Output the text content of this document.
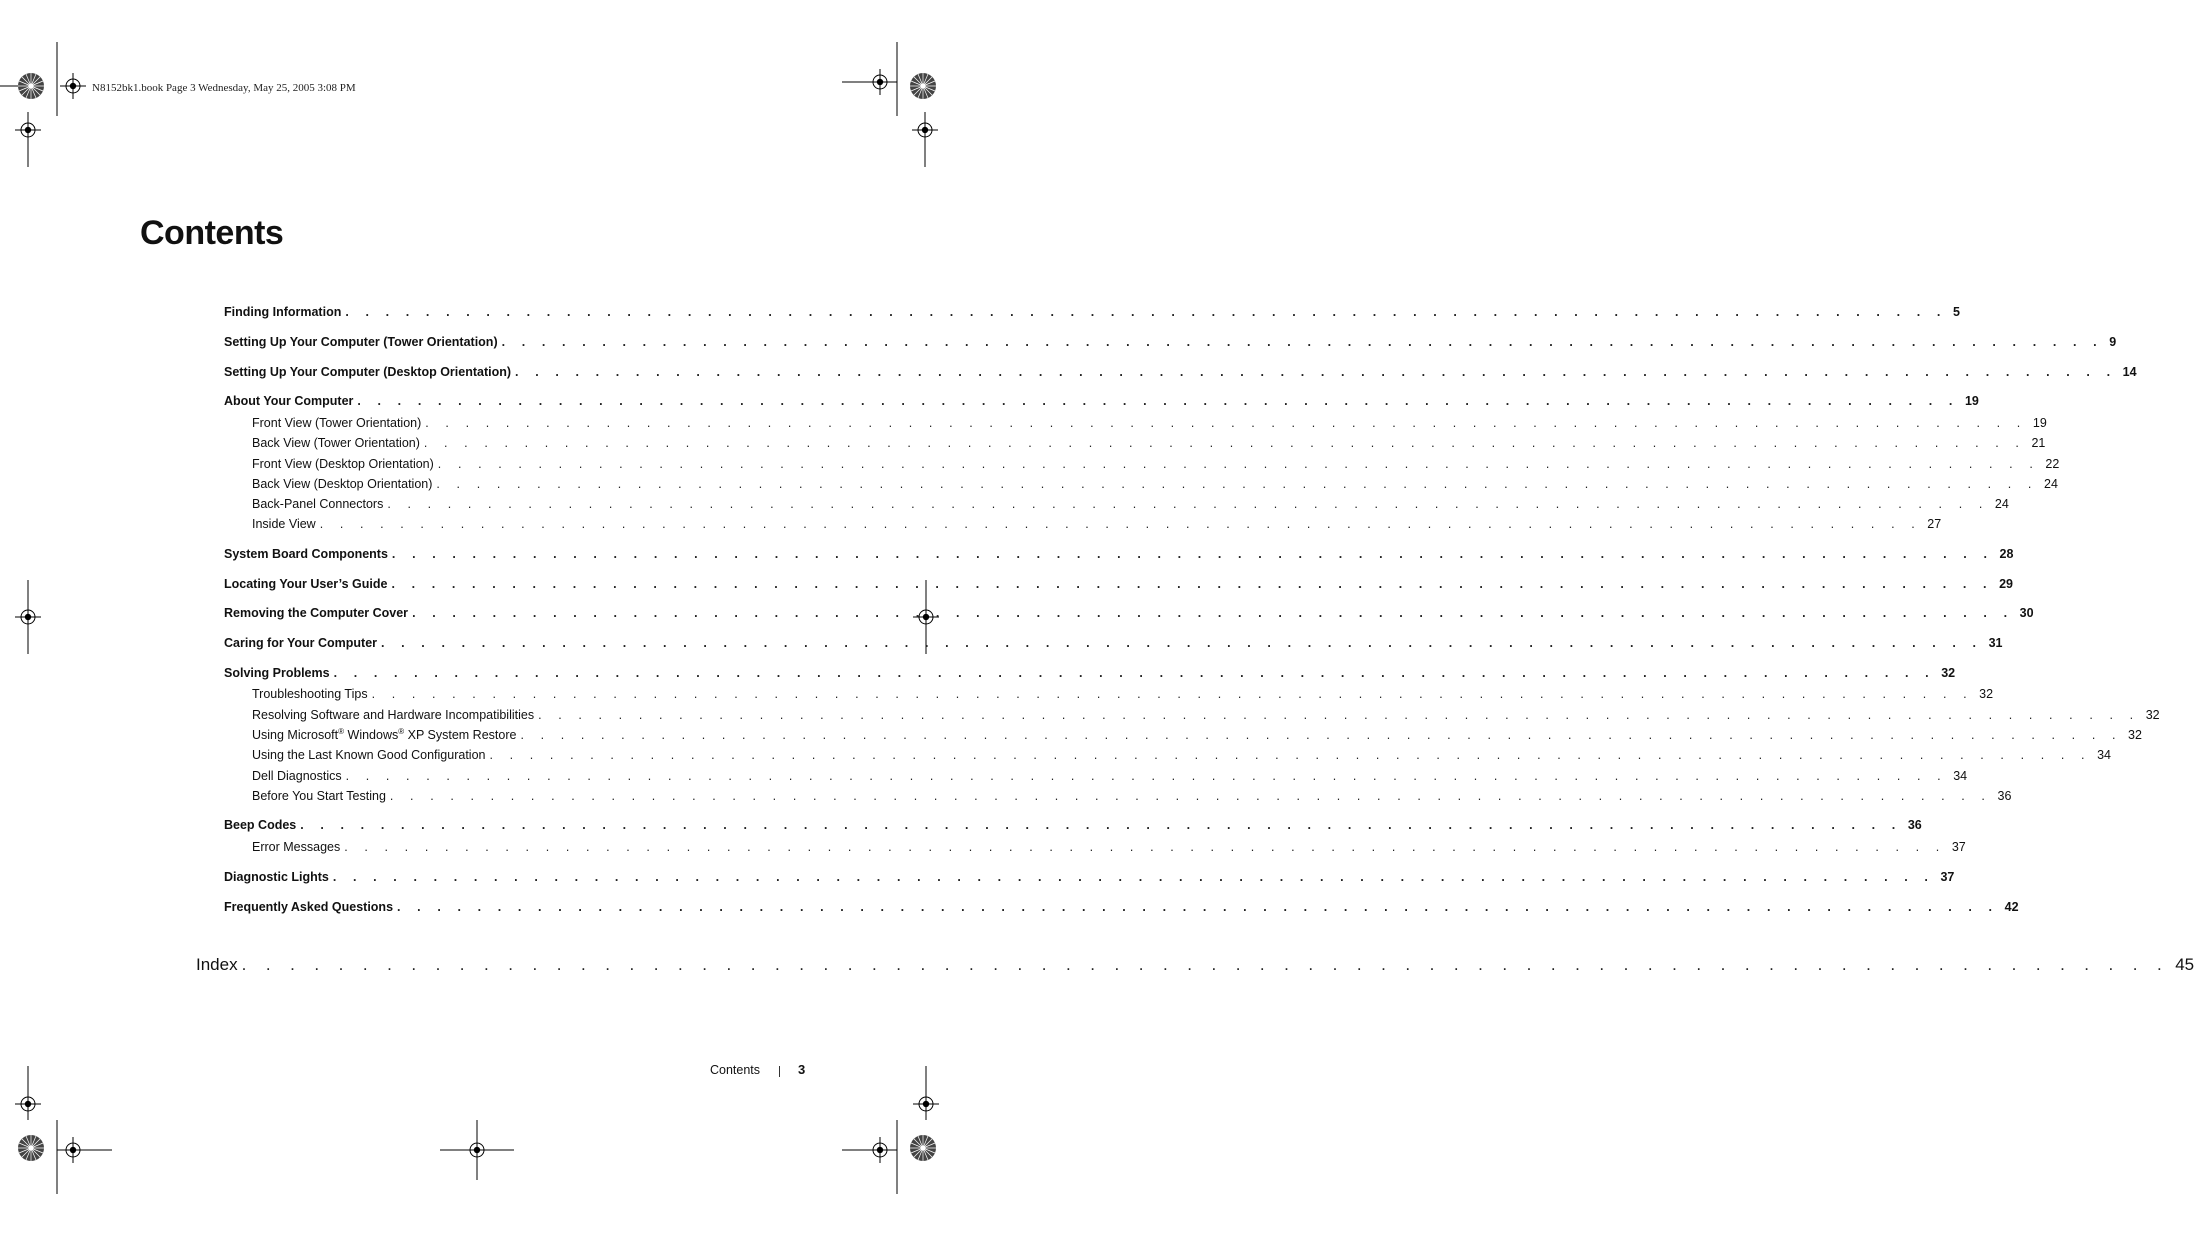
N8152bk1.book Page 3 Wednesday, May 25, 2005 3:08 PM
Contents
Finding Information . . . . . . . . . . . . . . . . . . . . . . . . . . . . . . . . . . . . . . . . . . . . . . . . . . . . . . . . . . . . . . . . . . . . . . . . . . . . . . . . 5
Setting Up Your Computer (Tower Orientation) . . . . . . . . . . . . . . . . . . . . . . . . . . . . . . . . . . . . . . . . . . . . . . . . . . . . . . . . . . . . . . . . . . . . . . . . . . . . . . . . 9
Setting Up Your Computer (Desktop Orientation) . . . . . . . . . . . . . . . . . . . . . . . . . . . . . . . . . . . . . . . . . . . . . . . . . . . . . . . . . . . . . . . . . . . . . . . . . . . . . . . . 14
About Your Computer . . . . . . . . . . . . . . . . . . . . . . . . . . . . . . . . . . . . . . . . . . . . . . . . . . . . . . . . . . . . . . . . . . . . . . . . . . . . . . . . 19
Front View (Tower Orientation) . . . . . . . . . . . . . . . . . . . . . . . . . . . . . . . . . . . . . . . . . . . . . . . . . . . . . . . . . . . . . . . . . . . . . . . . . . . . . . . . 19
Back View (Tower Orientation) . . . . . . . . . . . . . . . . . . . . . . . . . . . . . . . . . . . . . . . . . . . . . . . . . . . . . . . . . . . . . . . . . . . . . . . . . . . . . . . . 21
Front View (Desktop Orientation) . . . . . . . . . . . . . . . . . . . . . . . . . . . . . . . . . . . . . . . . . . . . . . . . . . . . . . . . . . . . . . . . . . . . . . . . . . . . . . . . 22
Back View (Desktop Orientation) . . . . . . . . . . . . . . . . . . . . . . . . . . . . . . . . . . . . . . . . . . . . . . . . . . . . . . . . . . . . . . . . . . . . . . . . . . . . . . . . 24
Back-Panel Connectors . . . . . . . . . . . . . . . . . . . . . . . . . . . . . . . . . . . . . . . . . . . . . . . . . . . . . . . . . . . . . . . . . . . . . . . . . . . . . . . . 24
Inside View . . . . . . . . . . . . . . . . . . . . . . . . . . . . . . . . . . . . . . . . . . . . . . . . . . . . . . . . . . . . . . . . . . . . . . . . . . . . . . . . 27
System Board Components . . . . . . . . . . . . . . . . . . . . . . . . . . . . . . . . . . . . . . . . . . . . . . . . . . . . . . . . . . . . . . . . . . . . . . . . . . . . . . . . 28
Locating Your User’s Guide . . . . . . . . . . . . . . . . . . . . . . . . . . . . . . . . . . . . . . . . . . . . . . . . . . . . . . . . . . . . . . . . . . . . . . . . . . . . . . . . 29
Removing the Computer Cover . . . . . . . . . . . . . . . . . . . . . . . . . . . . . . . . . . . . . . . . . . . . . . . . . . . . . . . . . . . . . . . . . . . . . . . . . . . . . . . . 30
Caring for Your Computer . . . . . . . . . . . . . . . . . . . . . . . . . . . . . . . . . . . . . . . . . . . . . . . . . . . . . . . . . . . . . . . . . . . . . . . . . . . . . . . . 31
Solving Problems . . . . . . . . . . . . . . . . . . . . . . . . . . . . . . . . . . . . . . . . . . . . . . . . . . . . . . . . . . . . . . . . . . . . . . . . . . . . . . . . 32
Troubleshooting Tips . . . . . . . . . . . . . . . . . . . . . . . . . . . . . . . . . . . . . . . . . . . . . . . . . . . . . . . . . . . . . . . . . . . . . . . . . . . . . . . . 32
Resolving Software and Hardware Incompatibilities . . . . . . . . . . . . . . . . . . . . . . . . . . . . . . . . . . . . . . . . . . . . . . . . . . . . . . . . . . . . . . . . . . . . . . . . . . . . . . . . 32
Using Microsoft® Windows® XP System Restore . . . . . . . . . . . . . . . . . . . . . . . . . . . . . . . . . . . . . . . . . . . . . . . . . . . . . . . . . . . . . . . . . . . . . . . . . . . . . . . . 32
Using the Last Known Good Configuration . . . . . . . . . . . . . . . . . . . . . . . . . . . . . . . . . . . . . . . . . . . . . . . . . . . . . . . . . . . . . . . . . . . . . . . . . . . . . . . . 34
Dell Diagnostics . . . . . . . . . . . . . . . . . . . . . . . . . . . . . . . . . . . . . . . . . . . . . . . . . . . . . . . . . . . . . . . . . . . . . . . . . . . . . . . . 34
Before You Start Testing . . . . . . . . . . . . . . . . . . . . . . . . . . . . . . . . . . . . . . . . . . . . . . . . . . . . . . . . . . . . . . . . . . . . . . . . . . . . . . . . 36
Beep Codes . . . . . . . . . . . . . . . . . . . . . . . . . . . . . . . . . . . . . . . . . . . . . . . . . . . . . . . . . . . . . . . . . . . . . . . . . . . . . . . . 36
Error Messages . . . . . . . . . . . . . . . . . . . . . . . . . . . . . . . . . . . . . . . . . . . . . . . . . . . . . . . . . . . . . . . . . . . . . . . . . . . . . . . . 37
Diagnostic Lights . . . . . . . . . . . . . . . . . . . . . . . . . . . . . . . . . . . . . . . . . . . . . . . . . . . . . . . . . . . . . . . . . . . . . . . . . . . . . . . . 37
Frequently Asked Questions . . . . . . . . . . . . . . . . . . . . . . . . . . . . . . . . . . . . . . . . . . . . . . . . . . . . . . . . . . . . . . . . . . . . . . . . . . . . . . . . 42
Index . . . . . . . . . . . . . . . . . . . . . . . . . . . . . . . . . . . . . . . . . . . . . . . . . . . . . . . . . . . . . . . . . . . . . . . . . . . . . . . . 45
Contents	3
